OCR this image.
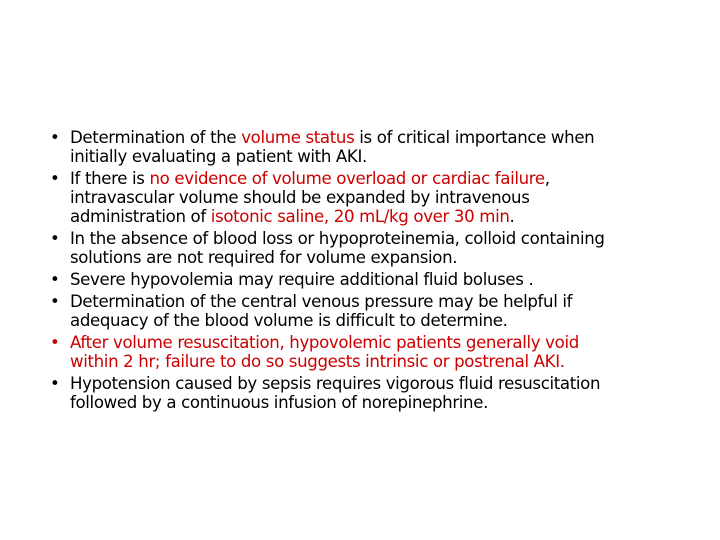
• Determination of the volume status is of critical importance when
initially evaluating a patient with AKI.
• If there is no evidence of volume overload or cardiac failure,
intravascular volume should be expanded by intravenous
administration of isotonic saline, 20 mL/kg over 30 min.
• In the absence of blood loss or hypoproteinemia, colloid containing
solutions are not required for volume expansion.
• Severe hypovolemia may require additional fluid boluses .
• Determination of the central venous pressure may be helpful if
adequacy of the blood volume is difficult to determine.
• After volume resuscitation, hypovolemic patients generally void
within 2 hr; failure to do so suggests intrinsic or postrenal AKI.
• Hypotension caused by sepsis requires vigorous fluid resuscitation
followed by a continuous infusion of norepinephrine.
